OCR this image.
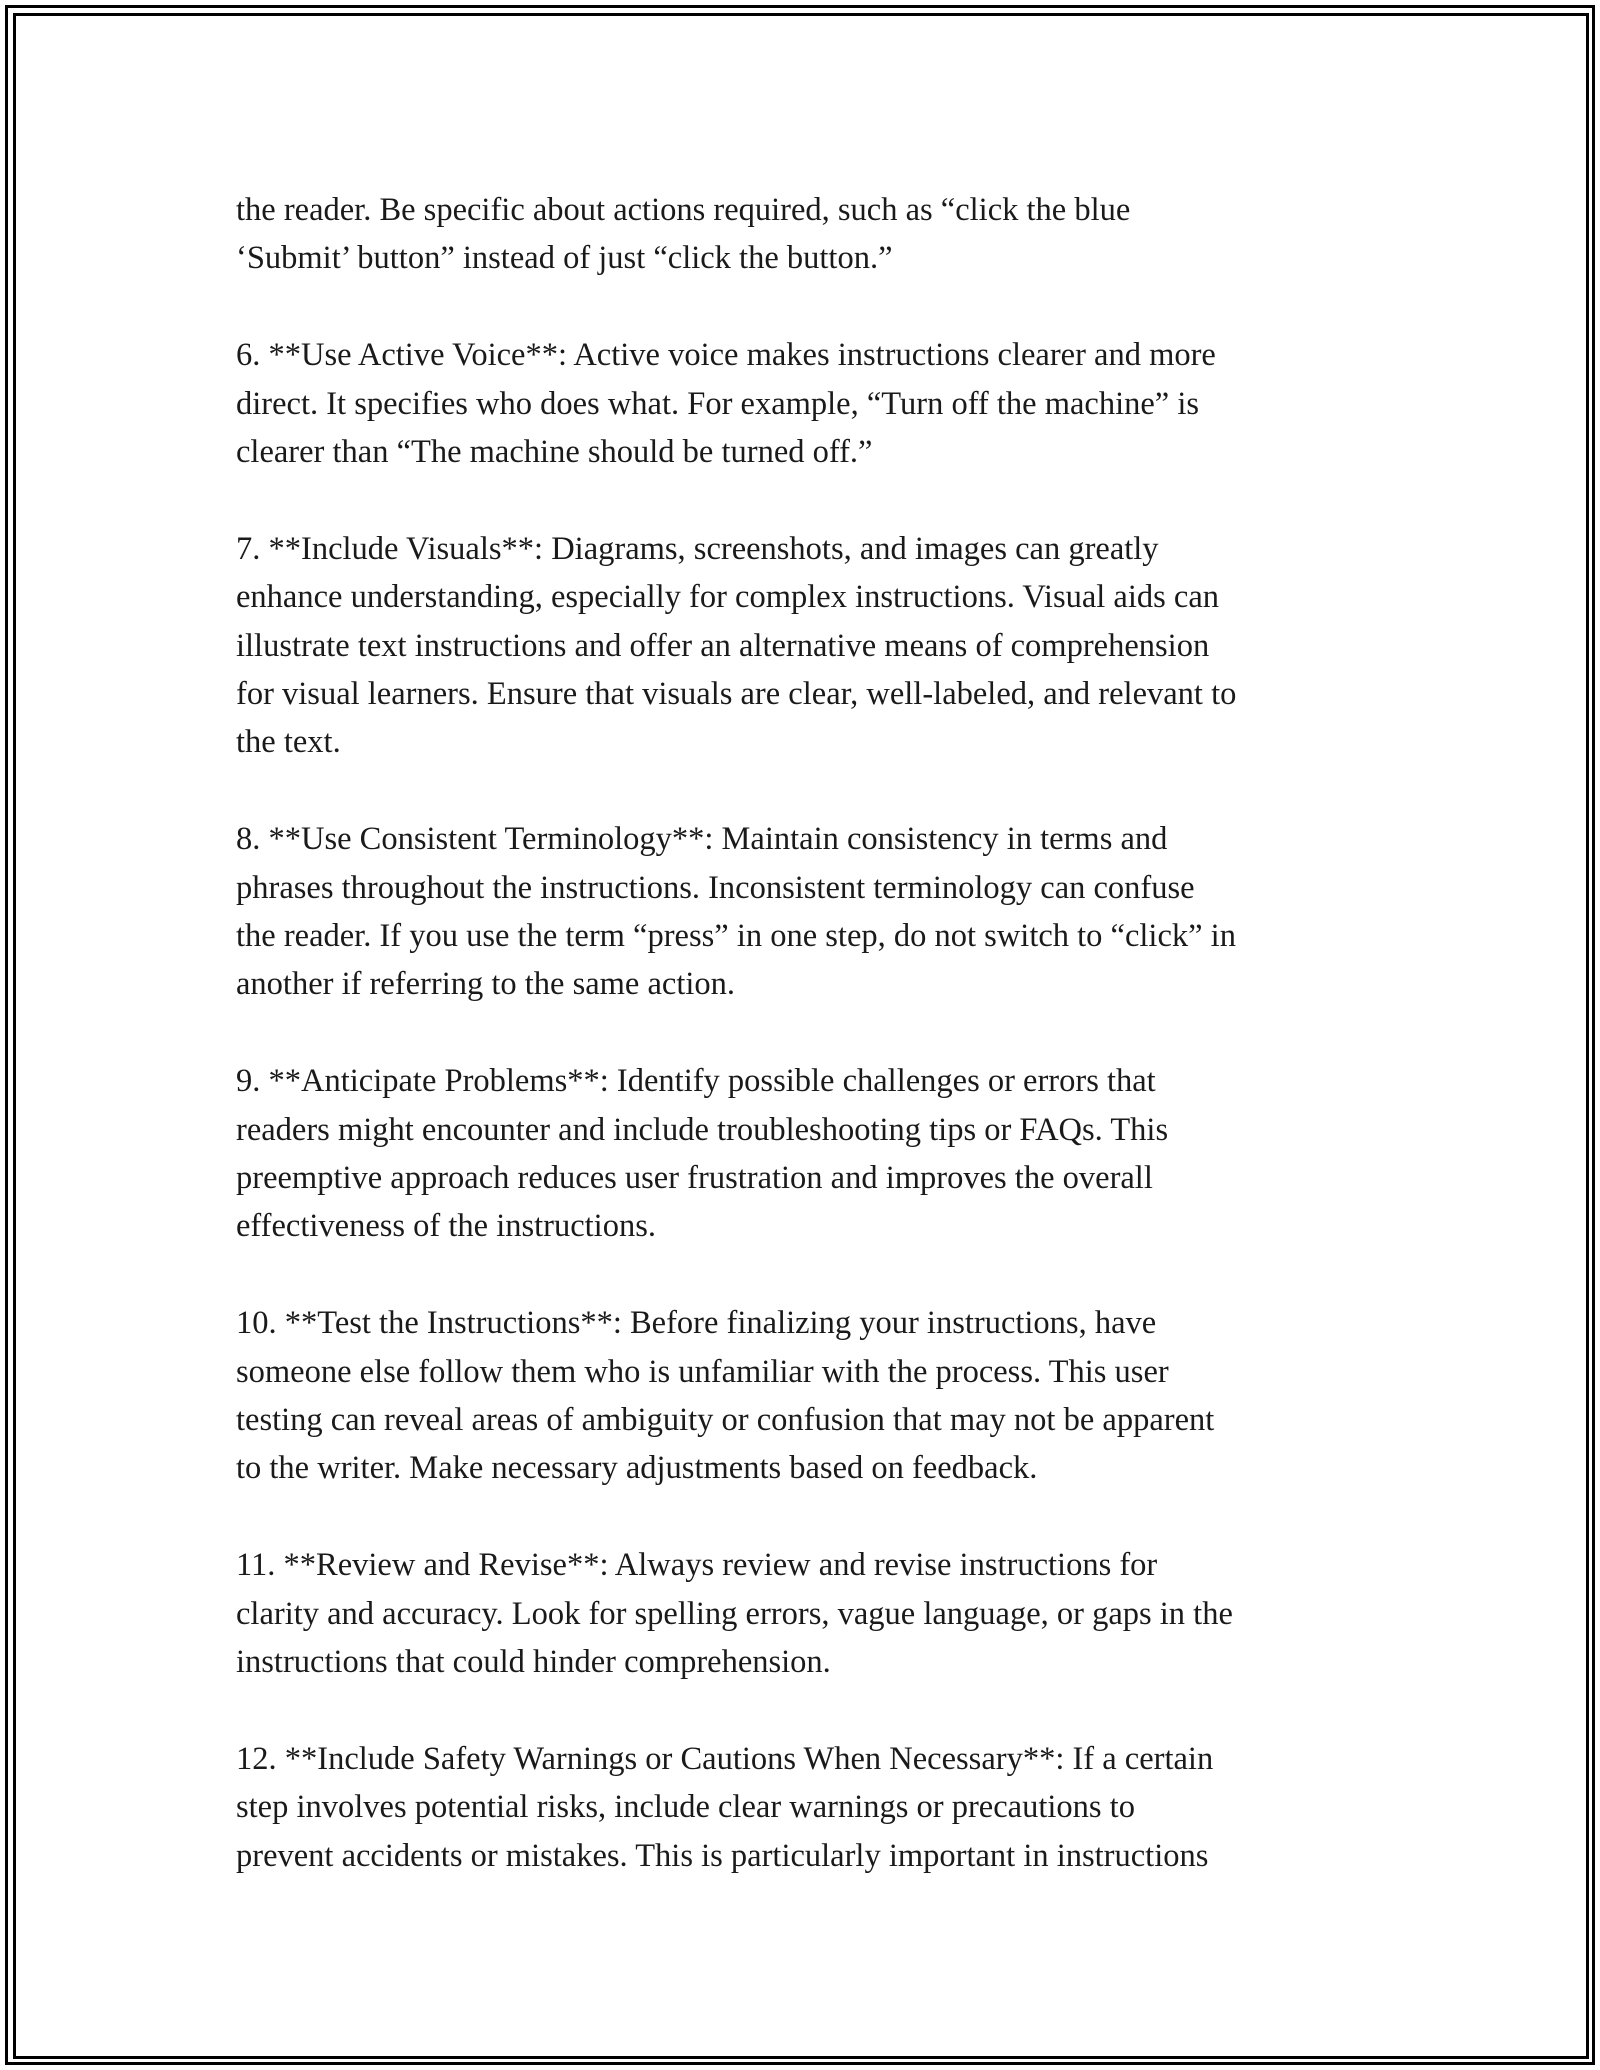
the reader. Be specific about actions required, such as “click the blue
‘Submit’ button” instead of just “click the button.”

6. **Use Active Voice**: Active voice makes instructions clearer and more
direct. It specifies who does what. For example, “Turn off the machine” is
clearer than “The machine should be turned off.”

7. **Include Visuals**: Diagrams, screenshots, and images can greatly
enhance understanding, especially for complex instructions. Visual aids can
illustrate text instructions and offer an alternative means of comprehension
for visual learners. Ensure that visuals are clear, well-labeled, and relevant to
the text.

8. **Use Consistent Terminology**: Maintain consistency in terms and
phrases throughout the instructions. Inconsistent terminology can confuse
the reader. If you use the term “press” in one step, do not switch to “click” in
another if referring to the same action.

9. **Anticipate Problems**: Identify possible challenges or errors that
readers might encounter and include troubleshooting tips or FAQs. This
preemptive approach reduces user frustration and improves the overall
effectiveness of the instructions.

10. **Test the Instructions**: Before finalizing your instructions, have
someone else follow them who is unfamiliar with the process. This user
testing can reveal areas of ambiguity or confusion that may not be apparent
to the writer. Make necessary adjustments based on feedback.

11. **Review and Revise**: Always review and revise instructions for
clarity and accuracy. Look for spelling errors, vague language, or gaps in the
instructions that could hinder comprehension.

12. **Include Safety Warnings or Cautions When Necessary**: If a certain
step involves potential risks, include clear warnings or precautions to
prevent accidents or mistakes. This is particularly important in instructions
